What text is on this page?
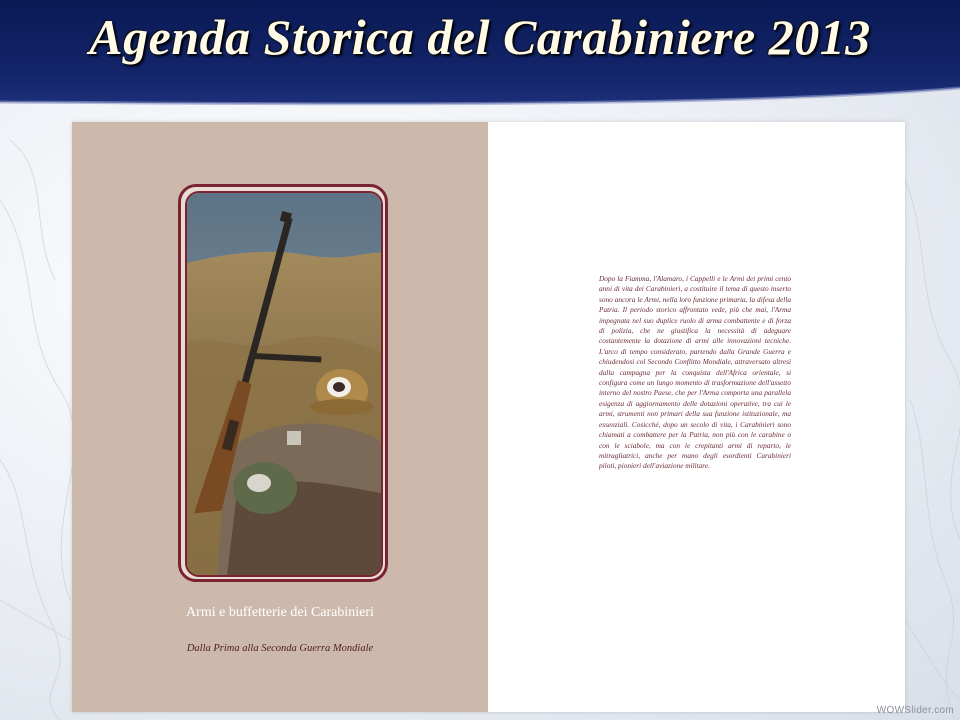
Agenda Storica del Carabiniere 2013
Armi e buffetterie dei Carabinieri
Dalla Prima alla Seconda Guerra Mondiale
Dopo la Fiamma, l'Alamaro, i Cappelli e le Armi dei primi cento anni di vita dei Carabinieri, a costituire il tema di questo inserto sono ancora le Armi, nella loro funzione primaria, la difesa della Patria. Il periodo storico affrontato vede, più che mai, l'Arma impegnata nel suo duplice ruolo di arma combattente e di forza di polizia, che ne giustifica la necessità di adeguare costantemente la dotazione di armi alle innovazioni tecniche. L'arco di tempo considerato, partendo dalla Grande Guerra e chiudendosi col Secondo Conflitto Mondiale, attraversato altresì dalla campagna per la conquista dell'Africa orientale, si configura come un lungo momento di trasformazione dell'assetto interno del nostro Paese, che per l'Arma comporta una parallela esigenza di aggiornamento delle dotazioni operative, tra cui le armi, strumenti non primari della sua funzione istituzionale, ma essenziali. Cosicché, dopo un secolo di vita, i Carabinieri sono chiamati a combattere per la Patria, non più con le carabine o con le sciabole, ma con le crepitanti armi di reparto, le mitragliatrici, anche per mano degli esordienti Carabinieri piloti, pionieri dell'aviazione militare.
WOWSlider.com
